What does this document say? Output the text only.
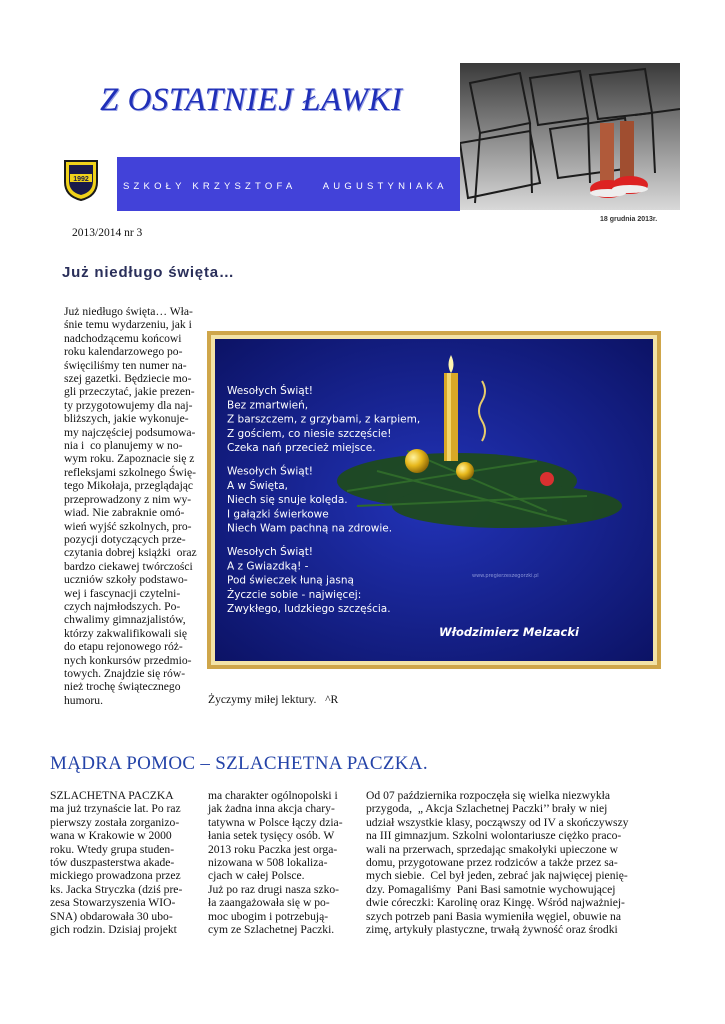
Z OSTATNIEJ ŁAWKI
1992
SZKOŁY KRZYSZTOFA    AUGUSTYNIAKA
18 grudnia 2013r.
2013/2014 nr 3
Już niedługo święta…

Już niedługo święta… Wła-
śnie temu wydarzeniu, jak i
nadchodzącemu końcowi
roku kalendarzowego po-
święciliśmy ten numer na-
szej gazetki. Będziecie mo-
gli przeczytać, jakie prezen-
ty przygotowujemy dla naj-
bliższych, jakie wykonuje-
my najczęściej podsumowa-
nia i  co planujemy w no-
wym roku. Zapoznacie się z
refleksjami szkolnego Świę-
tego Mikołaja, przeglądając
przeprowadzony z nim wy-
wiad. Nie zabraknie omó-
wień wyjść szkolnych, pro-
pozycji dotyczących prze-
czytania dobrej książki  oraz
bardzo ciekawej twórczości
uczniów szkoły podstawo-
wej i fascynacji czytelni-
czych najmłodszych. Po-
chwalimy gimnazjalistów,
którzy zakwalifikowali się
do etapu rejonowego róż-
nych konkursów przedmio-
towych. Znajdzie się rów-
nież trochę świątecznego
humoru.

Wesołych Świąt!
Bez zmartwień,
Z barszczem, z grzybami, z karpiem,
Z gościem, co niesie szczęście!
Czeka nań przecież miejsce.
Wesołych Świąt!
A w Święta,
Niech się snuje kolęda.
I gałązki świerkowe
Niech Wam pachną na zdrowie.
Wesołych Świąt!
A z Gwiazdką! -
Pod świeczek łuną jasną
Życzcie sobie - najwięcej:
Zwykłego, ludzkiego szczęścia.
www.pregierzeszegorzki.pl
Włodzimierz Melzacki
Życzymy miłej lektury.   ^R
MĄDRA POMOC – SZLACHETNA PACZKA.

SZLACHETNA PACZKA
ma już trzynaście lat. Po raz
pierwszy została zorganizo-
wana w Krakowie w 2000
roku. Wtedy grupa studen-
tów duszpasterstwa akade-
mickiego prowadzona przez
ks. Jacka Stryczka (dziś pre-
zesa Stowarzyszenia WIO-
SNA) obdarowała 30 ubo-
gich rodzin. Dzisiaj projekt

ma charakter ogólnopolski i
jak żadna inna akcja chary-
tatywna w Polsce łączy dzia-
łania setek tysięcy osób. W
2013 roku Paczka jest orga-
nizowana w 508 lokaliza-
cjach w całej Polsce.
Już po raz drugi nasza szko-
ła zaangażowała się w po-
moc ubogim i potrzebują-
cym ze Szlachetnej Paczki.

Od 07 października rozpoczęła się wielka niezwykła
przygoda,  „ Akcja Szlachetnej Paczki’’ brały w niej
udział wszystkie klasy, począwszy od IV a skończywszy
na III gimnazjum. Szkolni wolontariusze ciężko praco-
wali na przerwach, sprzedając smakołyki upieczone w
domu, przygotowane przez rodziców a także przez sa-
mych siebie.  Cel był jeden, zebrać jak najwięcej pienię-
dzy. Pomagaliśmy  Pani Basi samotnie wychowującej
dwie córeczki: Karolinę oraz Kingę. Wśród najważniej-
szych potrzeb pani Basia wymieniła węgiel, obuwie na
zimę, artykuły plastyczne, trwałą żywność oraz środki
